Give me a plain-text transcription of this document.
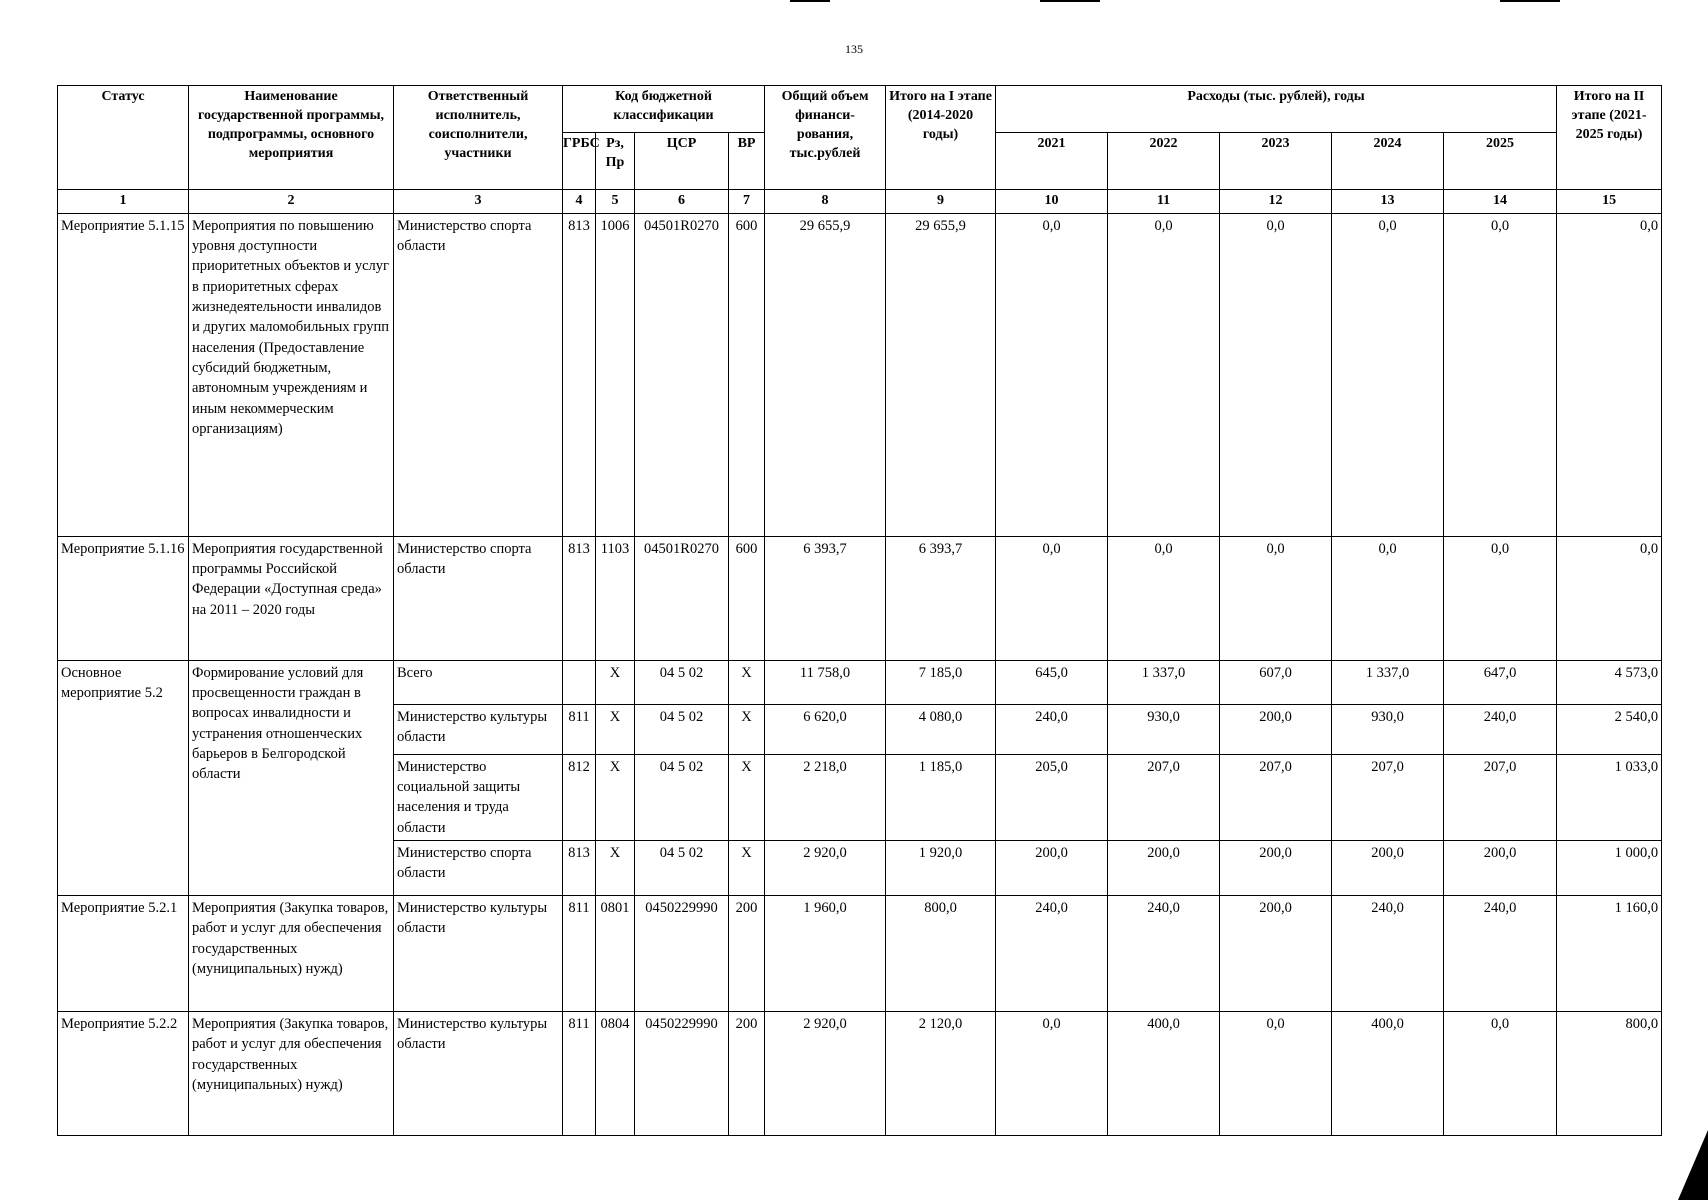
135
Статус	Наименование государственной программы, подпрограммы, основного мероприятия	Ответственный исполнитель, соисполнители, участники	Код бюджетной классификации				Общий объем финанси-рования, тыс.рублей	Итого на I этапе (2014-2020 годы)	Расходы (тыс. рублей), годы					Итого на II этапе (2021-2025 годы)
			ГРБС	Рз, Пр	ЦСР	ВР			2021	2022	2023	2024	2025	
1	2	3	4	5	6	7	8	9	10	11	12	13	14	15
Мероприятие 5.1.15	Мероприятия по повышению уровня доступности приоритетных объектов и услуг в приоритетных сферах жизнедеятельности инвалидов и других маломобильных групп населения (Предоставление субсидий бюджетным, автономным учреждениям и иным некоммерческим организациям)	Министерство спорта области	813	1006	04501R0270	600	29 655,9	29 655,9	0,0	0,0	0,0	0,0	0,0	0,0
Мероприятие 5.1.16	Мероприятия государственной программы Российской Федерации «Доступная среда» на 2011 – 2020 годы	Министерство спорта области	813	1103	04501R0270	600	6 393,7	6 393,7	0,0	0,0	0,0	0,0	0,0	0,0
Основное мероприятие 5.2	Формирование условий для просвещенности граждан в вопросах инвалидности и устранения отношенческих барьеров в Белгородской области	Всего		X	04 5 02	X	11 758,0	7 185,0	645,0	1 337,0	607,0	1 337,0	647,0	4 573,0
		Министерство культуры области	811	X	04 5 02	X	6 620,0	4 080,0	240,0	930,0	200,0	930,0	240,0	2 540,0
		Министерство социальной защиты населения и труда области	812	X	04 5 02	X	2 218,0	1 185,0	205,0	207,0	207,0	207,0	207,0	1 033,0
		Министерство спорта области	813	X	04 5 02	X	2 920,0	1 920,0	200,0	200,0	200,0	200,0	200,0	1 000,0
Мероприятие 5.2.1	Мероприятия (Закупка товаров, работ и услуг для обеспечения государственных (муниципальных) нужд)	Министерство культуры области	811	0801	0450229990	200	1 960,0	800,0	240,0	240,0	200,0	240,0	240,0	1 160,0
Мероприятие 5.2.2	Мероприятия (Закупка товаров, работ и услуг для обеспечения государственных (муниципальных) нужд)	Министерство культуры области	811	0804	0450229990	200	2 920,0	2 120,0	0,0	400,0	0,0	400,0	0,0	800,0
